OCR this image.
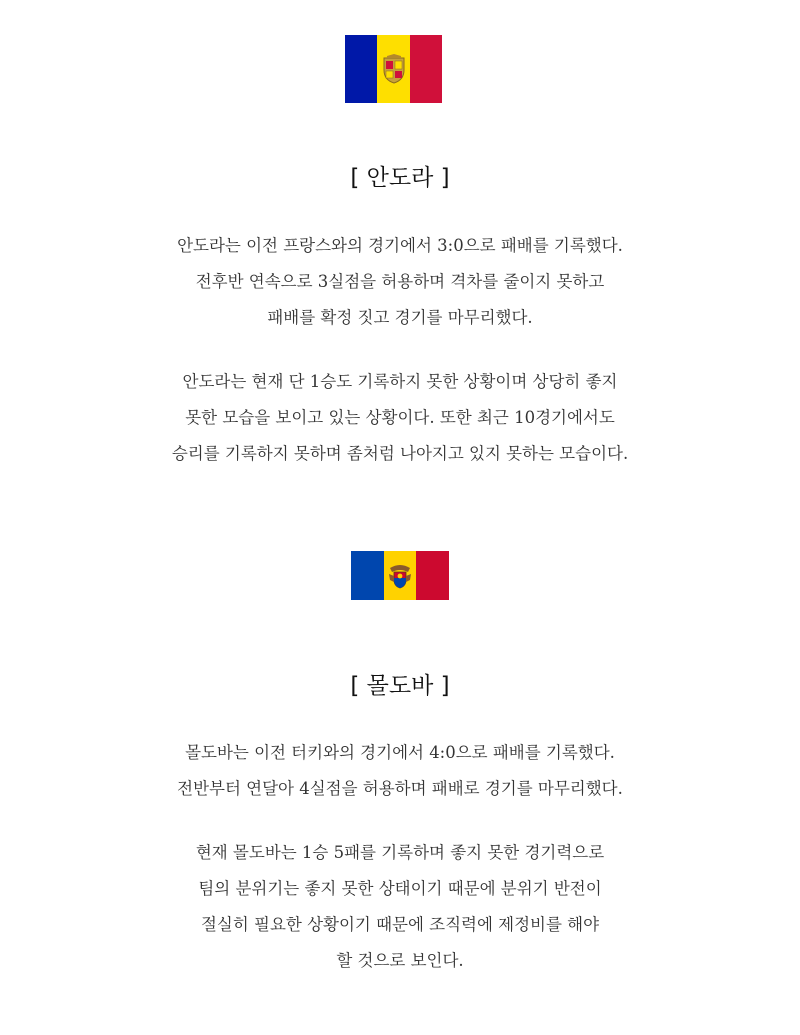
[ 안도라 ]
안도라는 이전 프랑스와의 경기에서 3:0으로 패배를 기록했다.
전후반 연속으로 3실점을 허용하며 격차를 줄이지 못하고
패배를 확정 짓고 경기를 마무리했다.
안도라는 현재 단 1승도 기록하지 못한 상황이며 상당히 좋지
못한 모습을 보이고 있는 상황이다. 또한 최근 10경기에서도
승리를 기록하지 못하며 좀처럼 나아지고 있지 못하는 모습이다.
[ 몰도바 ]
몰도바는 이전 터키와의 경기에서 4:0으로 패배를 기록했다.
전반부터 연달아 4실점을 허용하며 패배로 경기를 마무리했다.
현재 몰도바는 1승 5패를 기록하며 좋지 못한 경기력으로
팀의 분위기는 좋지 못한 상태이기 때문에 분위기 반전이
절실히 필요한 상황이기 때문에 조직력에 제정비를 해야
할 것으로 보인다.
